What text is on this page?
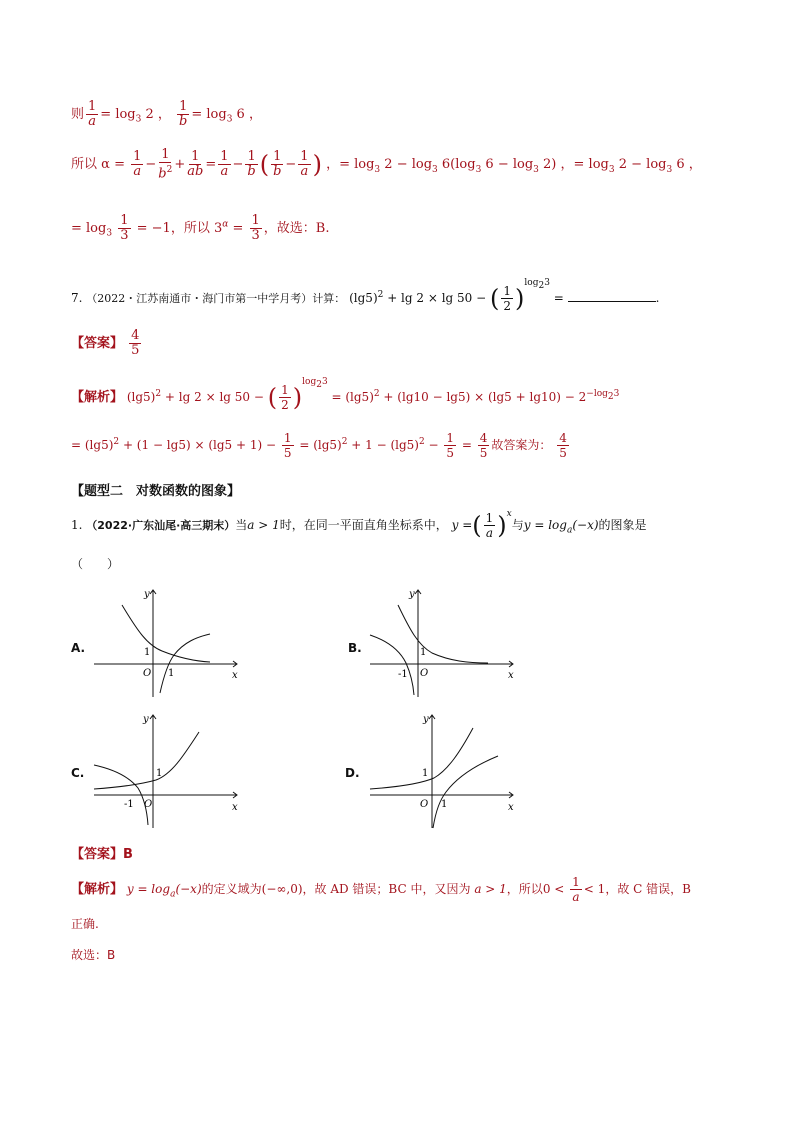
则 $\frac{1}{a} = \log_3 2$ ， $\frac{1}{b} = \log_3 6$ ，
所以 $\alpha = \frac{1}{a} - \frac{1}{b^2} + \frac{1}{ab} = \frac{1}{a} - \frac{1}{b}$ ( $\frac{1}{b} - \frac{1}{a}$ ) ，= $\log_3 2 - \log_3 6(\log_3$ $6 - \log_3 2$) ，= $\log_3 2 - \log_3 6$ ，
= $\log_3 \frac{1}{3} = -1$，所以 $3^\alpha = \frac{1}{3}$ ，故选：B.
7. （2022・江苏南通市・海门市第一中学月考）计算： $(\lg 5)^2 + \lg 2 \times \lg 50$ − ( $\frac{1}{2} )^{log_23}$ =	.
【答案】 $\frac{4}{5}$
【解析】 $(\lg 5)^2 + \lg 2 \times \lg 50$ − ( $\frac{1}{2} )^{log_23} = (\lg 5)^2 + (\lg 10 - \lg 5) \times (\lg 5 + \lg 10) - 2^{-log_23}$
= $(\lg 5)^2 + (1 - \lg 5) \times (\lg 5 + 1) - \frac{1}{5} = (\lg 5)^2 + 1 - (\lg 5)^2 - \frac{1}{5} = \frac{4}{5}$ 故答案为： $\frac{4}{5}$
【题型二　对数函数的图象】
1. （2022·广东汕尾·高三期末）当a > 1时，在同一平面直角坐标系中， y =( $\frac{1}{a} )^x$与$y = \log_a(-x)$的图象是
（　　）
A.	B.
C.	D.
y
x
O
1
1
y
x
O
1
-1
y
x
O
1
-1
y
x
O
1
1
【答案】B
【解析】 $y = \log_a(-x)$的定义域为(−∞,0)，故 AD 错误；BC 中，又因为 a > 1，所以$0 < \frac{1}{a} < 1$，故 C 错误，B
正确.
故选：B
